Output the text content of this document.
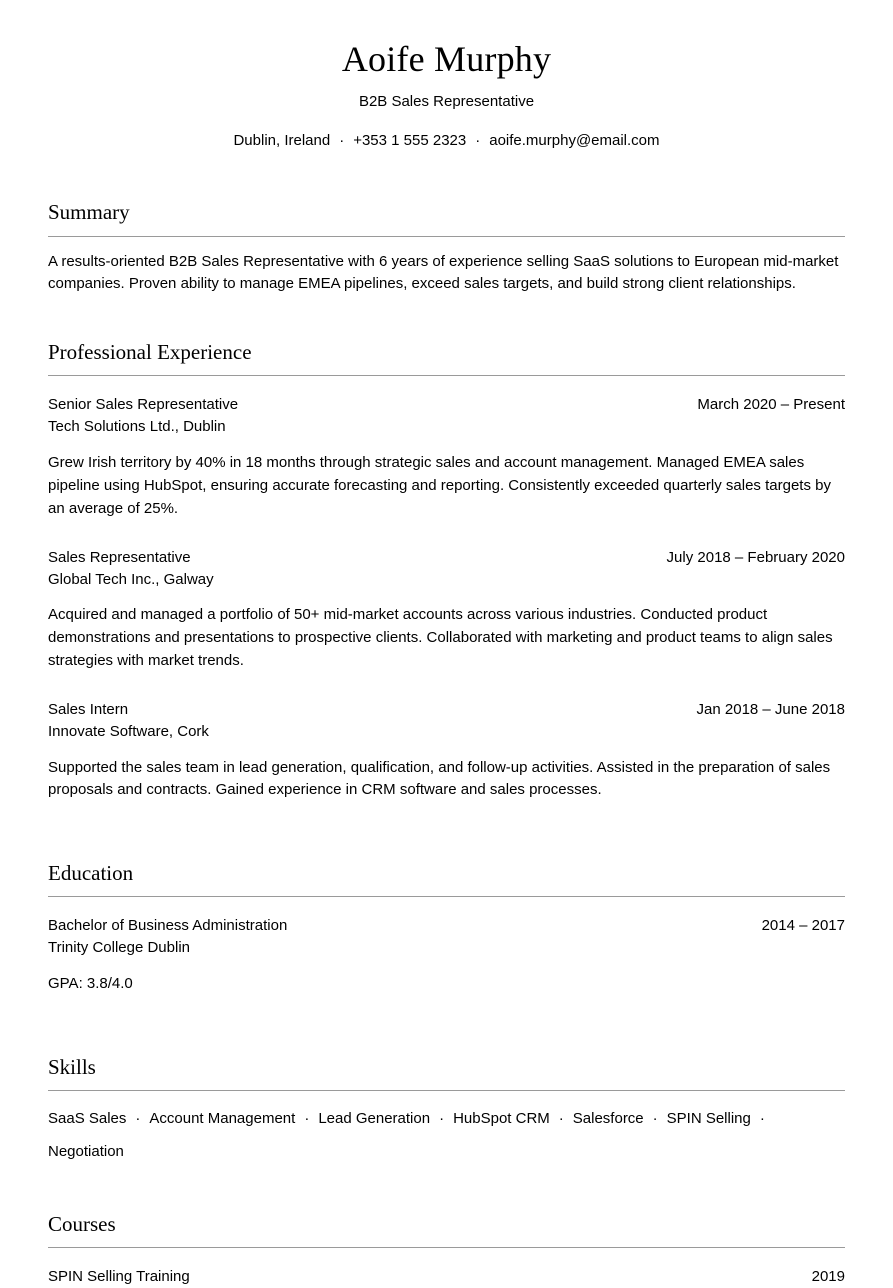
Aoife Murphy
B2B Sales Representative
Dublin, Ireland · +353 1 555 2323 · aoife.murphy@email.com
Summary

A results-oriented B2B Sales Representative with 6 years of experience selling SaaS solutions to European mid-market companies. Proven ability to manage EMEA pipelines, exceed sales targets, and build strong client relationships.

Professional Experience
Senior Sales Representative	March 2020 – Present
Tech Solutions Ltd., Dublin

Grew Irish territory by 40% in 18 months through strategic sales and account management. Managed EMEA sales pipeline using HubSpot, ensuring accurate forecasting and reporting. Consistently exceeded quarterly sales targets by an average of 25%.

Sales Representative	July 2018 – February 2020
Global Tech Inc., Galway

Acquired and managed a portfolio of 50+ mid-market accounts across various industries. Conducted product demonstrations and presentations to prospective clients. Collaborated with marketing and product teams to align sales strategies with market trends.

Sales Intern	Jan 2018 – June 2018
Innovate Software, Cork

Supported the sales team in lead generation, qualification, and follow-up activities. Assisted in the preparation of sales proposals and contracts. Gained experience in CRM software and sales processes.

Education
Bachelor of Business Administration	2014 – 2017
Trinity College Dublin

GPA: 3.8/4.0

Skills
SaaS Sales · Account Management · Lead Generation · HubSpot CRM · Salesforce · SPIN Selling ·Negotiation
Courses
SPIN Selling Training	2019
